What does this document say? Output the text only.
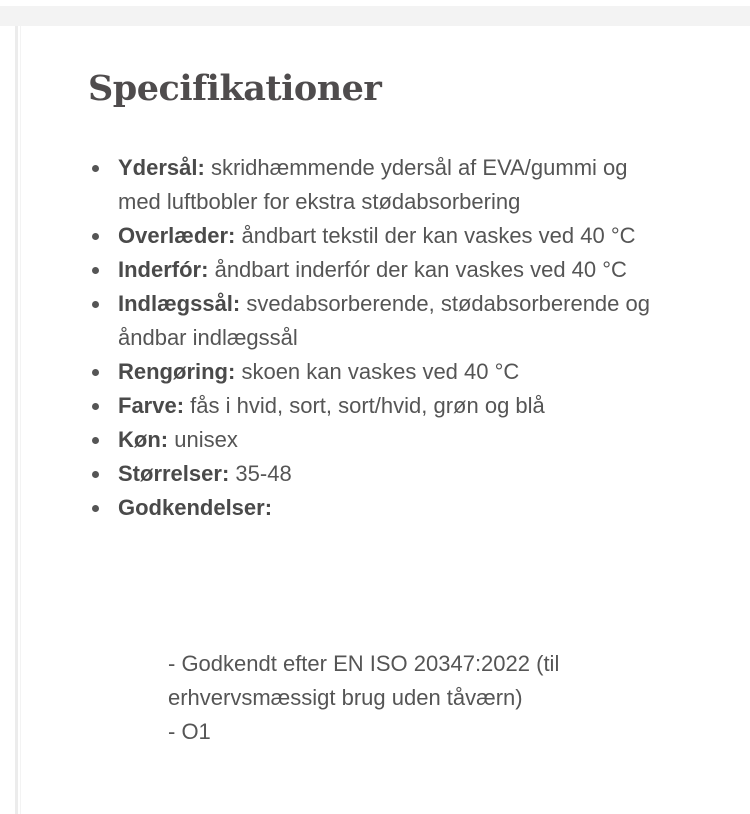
Specifikationer
Ydersål: skridhæmmende ydersål af EVA/gummi og med luftbobler for ekstra stødabsorbering
Overlæder: åndbart tekstil der kan vaskes ved 40 °C
Inderfór: åndbart inderfór der kan vaskes ved 40 °C
Indlægssål: svedabsorberende, stødabsorberende og åndbar indlægssål
Rengøring: skoen kan vaskes ved 40 °C
Farve: fås i hvid, sort, sort/hvid, grøn og blå
Køn: unisex
Størrelser: 35-48
Godkendelser:
- Godkendt efter EN ISO 20347:2022 (til erhvervsmæssigt brug uden tåværn)
- O1
